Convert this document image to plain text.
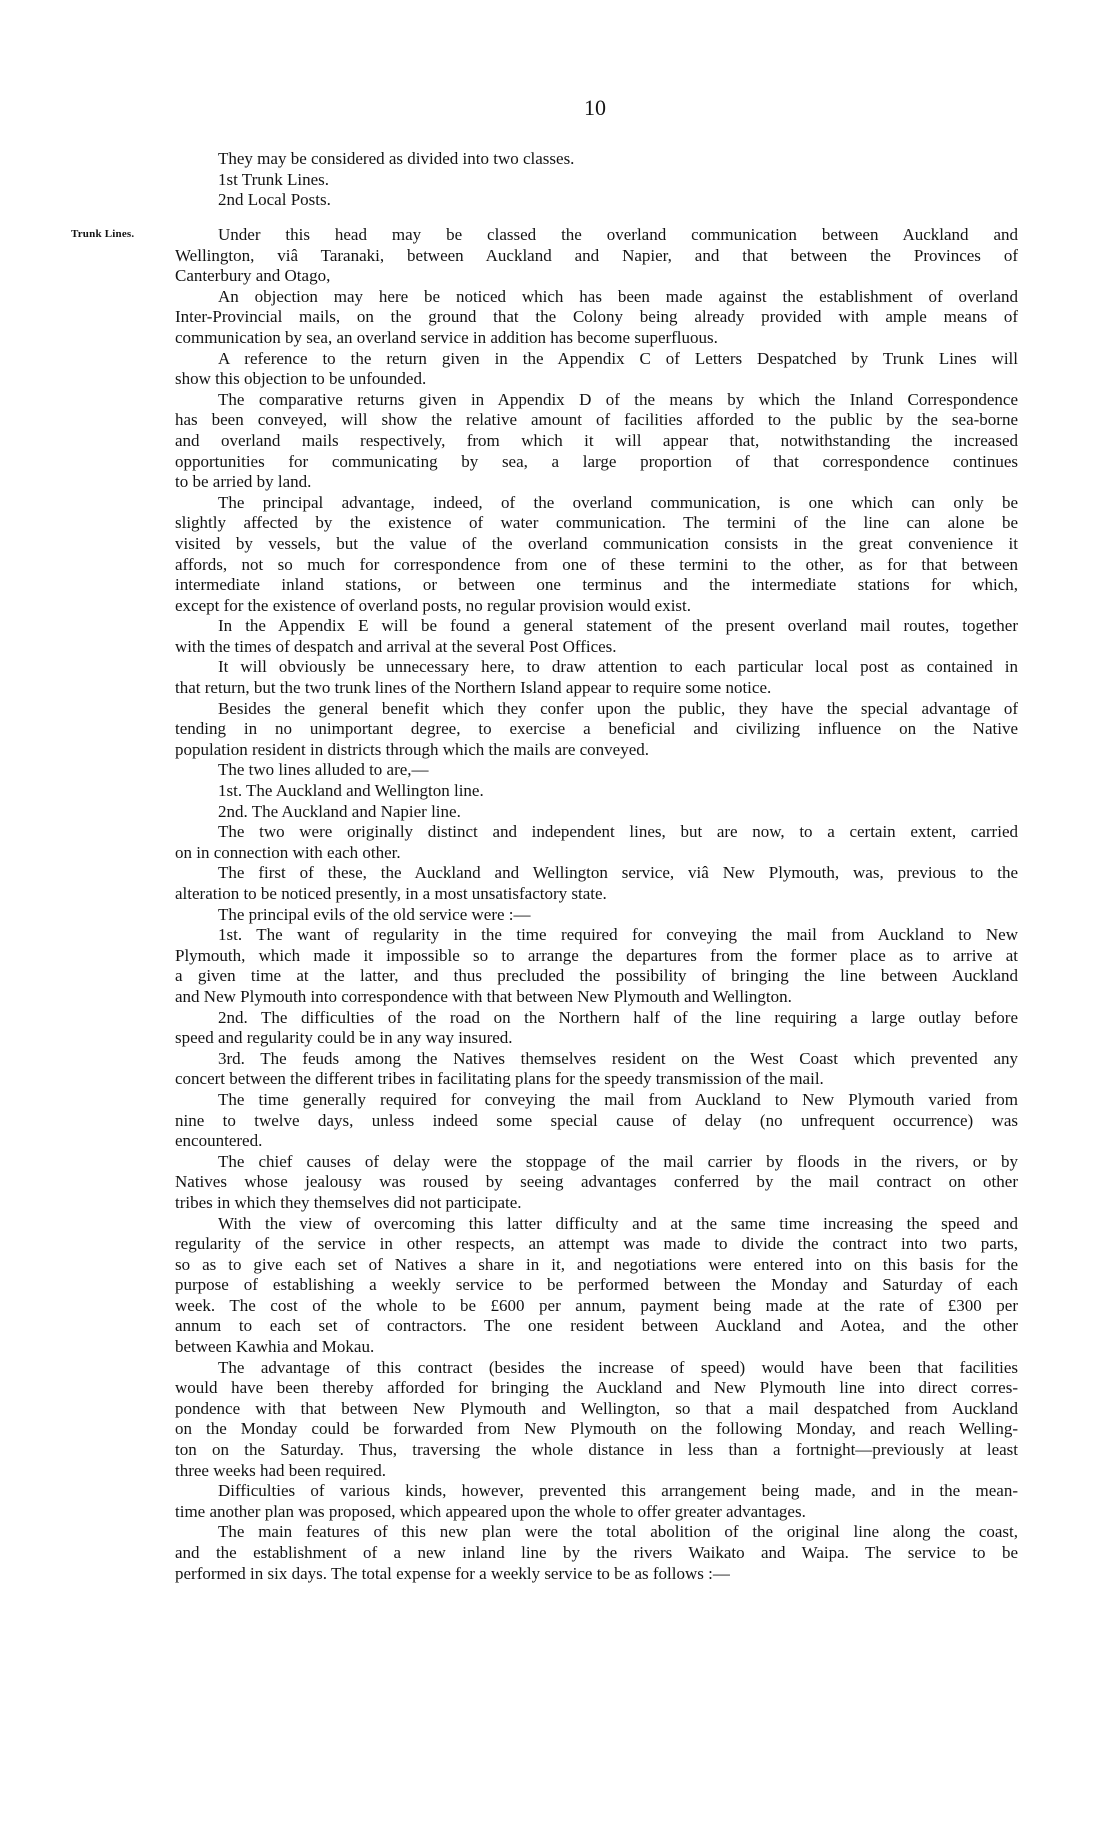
10
They may be considered as divided into two classes.
1st Trunk Lines.
2nd Local Posts.
Trunk Lines.	Under this head may be classed the overland communication between Auckland and
Wellington, viâ Taranaki, between Auckland and Napier, and that between the Provinces of
Canterbury and Otago,
An objection may here be noticed which has been made against the establishment of overland
Inter-Provincial mails, on the ground that the Colony being already provided with ample means of
communication by sea, an overland service in addition has become superfluous.
A reference to the return given in the Appendix C of Letters Despatched by Trunk Lines will
show this objection to be unfounded.
The comparative returns given in Appendix D of the means by which the Inland Correspondence
has been conveyed, will show the relative amount of facilities afforded to the public by the sea-borne
and overland mails respectively, from which it will appear that, notwithstanding the increased
opportunities for communicating by sea, a large proportion of that correspondence continues
to be arried by land.
The principal advantage, indeed, of the overland communication, is one which can only be
slightly affected by the existence of water communication. The termini of the line can alone be
visited by vessels, but the value of the overland communication consists in the great convenience it
affords, not so much for correspondence from one of these termini to the other, as for that between
intermediate inland stations, or between one terminus and the intermediate stations for which,
except for the existence of overland posts, no regular provision would exist.
In the Appendix E will be found a general statement of the present overland mail routes, together
with the times of despatch and arrival at the several Post Offices.
It will obviously be unnecessary here, to draw attention to each particular local post as contained in
that return, but the two trunk lines of the Northern Island appear to require some notice.
Besides the general benefit which they confer upon the public, they have the special advantage of
tending in no unimportant degree, to exercise a beneficial and civilizing influence on the Native
population resident in districts through which the mails are conveyed.
The two lines alluded to are,—
1st. The Auckland and Wellington line.
2nd. The Auckland and Napier line.
The two were originally distinct and independent lines, but are now, to a certain extent, carried
on in connection with each other.
The first of these, the Auckland and Wellington service, viâ New Plymouth, was, previous to the
alteration to be noticed presently, in a most unsatisfactory state.
The principal evils of the old service were :—
1st. The want of regularity in the time required for conveying the mail from Auckland to New
Plymouth, which made it impossible so to arrange the departures from the former place as to arrive at
a given time at the latter, and thus precluded the possibility of bringing the line between Auckland
and New Plymouth into correspondence with that between New Plymouth and Wellington.
2nd. The difficulties of the road on the Northern half of the line requiring a large outlay before
speed and regularity could be in any way insured.
3rd. The feuds among the Natives themselves resident on the West Coast which prevented any
concert between the different tribes in facilitating plans for the speedy transmission of the mail.
The time generally required for conveying the mail from Auckland to New Plymouth varied from
nine to twelve days, unless indeed some special cause of delay (no unfrequent occurrence) was
encountered.
The chief causes of delay were the stoppage of the mail carrier by floods in the rivers, or by
Natives whose jealousy was roused by seeing advantages conferred by the mail contract on other
tribes in which they themselves did not participate.
With the view of overcoming this latter difficulty and at the same time increasing the speed and
regularity of the service in other respects, an attempt was made to divide the contract into two parts,
so as to give each set of Natives a share in it, and negotiations were entered into on this basis for the
purpose of establishing a weekly service to be performed between the Monday and Saturday of each
week. The cost of the whole to be £600 per annum, payment being made at the rate of £300 per
annum to each set of contractors. The one resident between Auckland and Aotea, and the other
between Kawhia and Mokau.
The advantage of this contract (besides the increase of speed) would have been that facilities
would have been thereby afforded for bringing the Auckland and New Plymouth line into direct corres-
pondence with that between New Plymouth and Wellington, so that a mail despatched from Auckland
on the Monday could be forwarded from New Plymouth on the following Monday, and reach Welling-
ton on the Saturday. Thus, traversing the whole distance in less than a fortnight—previously at least
three weeks had been required.
Difficulties of various kinds, however, prevented this arrangement being made, and in the mean-
time another plan was proposed, which appeared upon the whole to offer greater advantages.
The main features of this new plan were the total abolition of the original line along the coast,
and the establishment of a new inland line by the rivers Waikato and Waipa. The service to be
performed in six days. The total expense for a weekly service to be as follows :—
